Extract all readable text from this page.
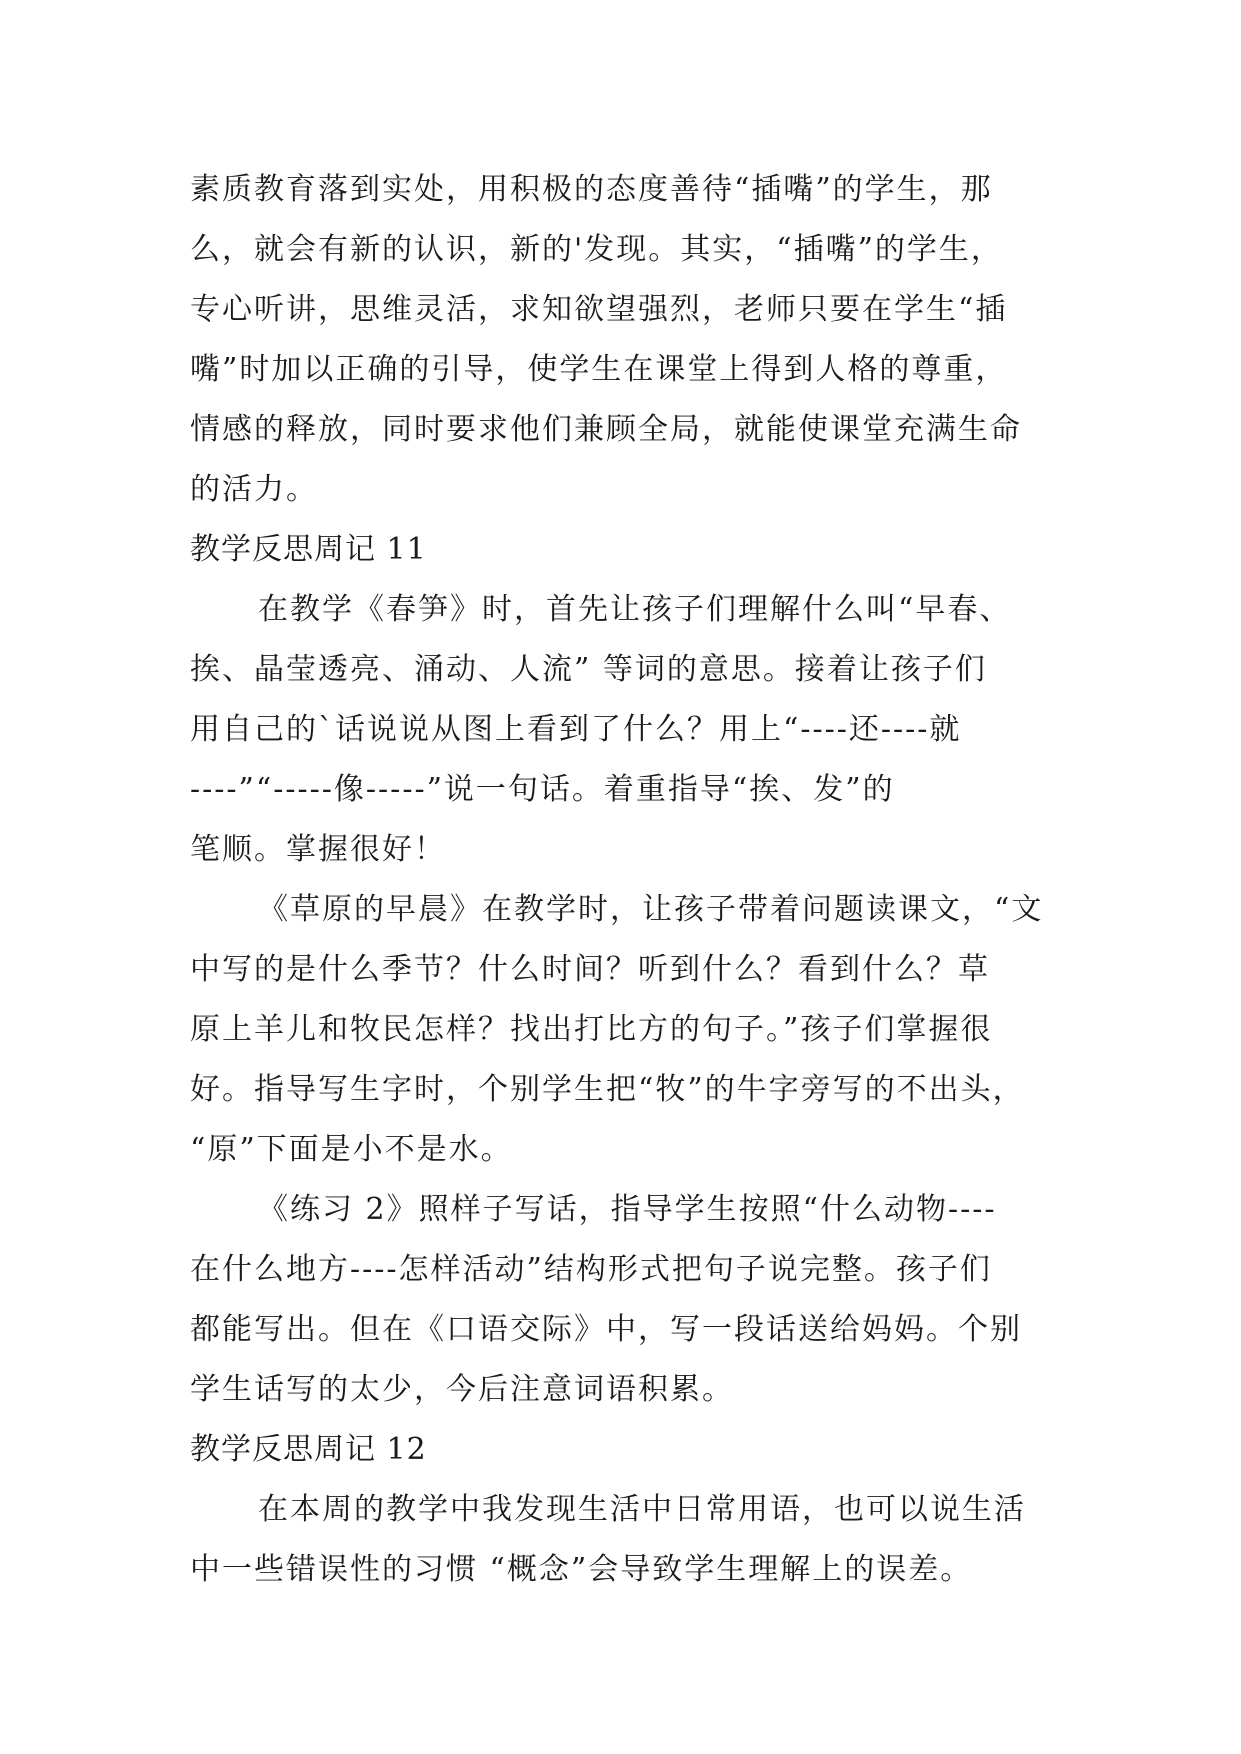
素质教育落到实处，用积极的态度善待“插嘴”的学生，那
么，就会有新的认识，新的'发现。其实，“插嘴”的学生，
专心听讲，思维灵活，求知欲望强烈，老师只要在学生“插
嘴”时加以正确的引导，使学生在课堂上得到人格的尊重，
情感的释放，同时要求他们兼顾全局，就能使课堂充满生命
的活力。
教学反思周记 11
在教学《春笋》时，首先让孩子们理解什么叫“早春、
挨、晶莹透亮、涌动、人流” 等词的意思。接着让孩子们
用自己的`话说说从图上看到了什么？用上“----还----就
----”“-----像-----”说一句话。着重指导“挨、发”的
笔顺。掌握很好！
《草原的早晨》在教学时，让孩子带着问题读课文，“文
中写的是什么季节？什么时间？听到什么？看到什么？草
原上羊儿和牧民怎样？找出打比方的句子。”孩子们掌握很
好。指导写生字时，个别学生把“牧”的牛字旁写的不出头，
“原”下面是小不是水。
《练习 2》照样子写话，指导学生按照“什么动物----
在什么地方----怎样活动”结构形式把句子说完整。孩子们
都能写出。但在《口语交际》中，写一段话送给妈妈。个别
学生话写的太少，今后注意词语积累。
教学反思周记 12
在本周的教学中我发现生活中日常用语，也可以说生活
中一些错误性的习惯 “概念”会导致学生理解上的误差。
